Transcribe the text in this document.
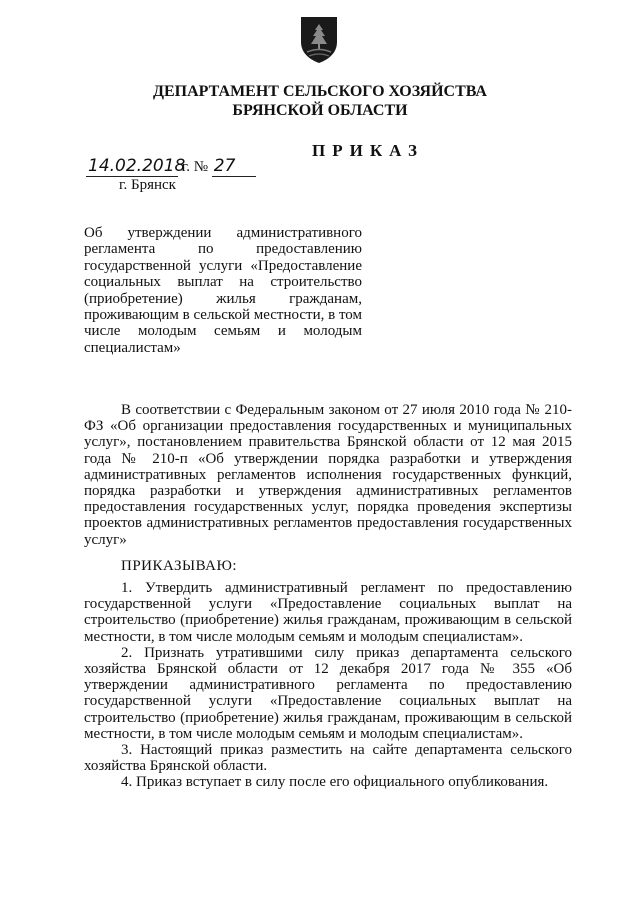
ДЕПАРТАМЕНТ СЕЛЬСКОГО ХОЗЯЙСТВА
БРЯНСКОЙ ОБЛАСТИ
ПРИКАЗ
14.02.2018 г. № 27
г. Брянск
Об утверждении административного регламента по предоставлению государственной услуги «Предоставление социальных выплат на строительство (приобретение) жилья гражданам, проживающим в сельской местности, в том числе молодым семьям и молодым специалистам»
В соответствии с Федеральным законом от 27 июля 2010 года № 210-ФЗ «Об организации предоставления государственных и муниципальных услуг», постановлением правительства Брянской области от 12 мая 2015 года № 210-п «Об утверждении порядка разработки и утверждения административных регламентов исполнения государственных функций, порядка разработки и утверждения административных регламентов предоставления государственных услуг, порядка проведения экспертизы проектов административных регламентов предоставления государственных услуг»
ПРИКАЗЫВАЮ:

1. Утвердить административный регламент по предоставлению государственной услуги «Предоставление социальных выплат на строительство (приобретение) жилья гражданам, проживающим в сельской местности, в том числе молодым семьям и молодым специалистам».

2. Признать утратившими силу приказ департамента сельского хозяйства Брянской области от 12 декабря 2017 года № 355 «Об утверждении административного регламента по предоставлению государственной услуги «Предоставление социальных выплат на строительство (приобретение) жилья гражданам, проживающим в сельской местности, в том числе молодым семьям и молодым специалистам».

3. Настоящий приказ разместить на сайте департамента сельского хозяйства Брянской области.

4. Приказ вступает в силу после его официального опубликования.
